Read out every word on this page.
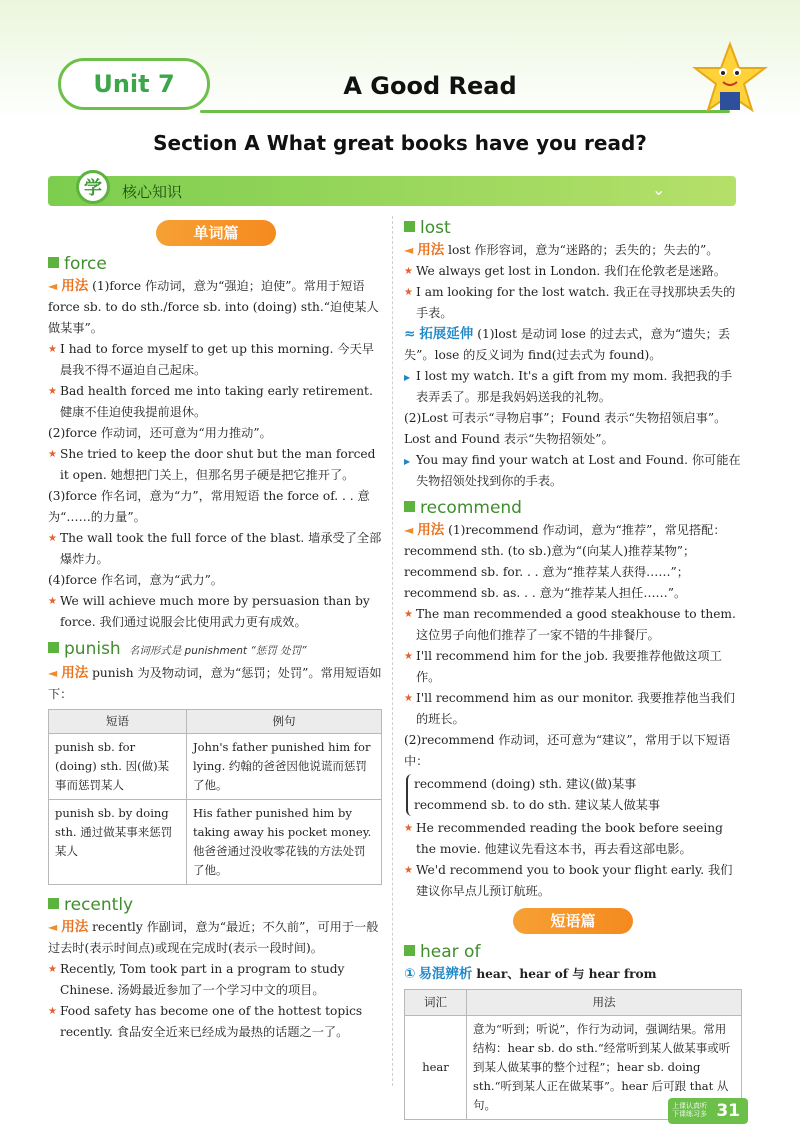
Unit 7	A Good Read
Section A What great books have you read?
学	核心知识	⌄
单词篇
force
◄ 用法 (1)force 作动词，意为“强迫；迫使”。常用于短语 force sb. to do sth./force sb. into (doing) sth.“迫使某人做某事”。
★ I had to force myself to get up this morning. 今天早晨我不得不逼迫自己起床。
★ Bad health forced me into taking early retirement. 健康不佳迫使我提前退休。
(2)force 作动词，还可意为“用力推动”。
★ She tried to keep the door shut but the man forced it open. 她想把门关上，但那名男子硬是把它推开了。
(3)force 作名词，意为“力”，常用短语 the force of. . . 意为“……的力量”。
★ The wall took the full force of the blast. 墙承受了全部爆炸力。
(4)force 作名词，意为“武力”。
★ We will achieve much more by persuasion than by force. 我们通过说服会比使用武力更有成效。
punish 名词形式是 punishment “惩罚 处罚”
◄ 用法 punish 为及物动词，意为“惩罚；处罚”。常用短语如下：
短语	例句
punish sb. for (doing) sth. 因(做)某事而惩罚某人	John's father punished him for lying. 约翰的爸爸因他说谎而惩罚了他。
punish sb. by doing sth. 通过做某事来惩罚某人	His father punished him by taking away his pocket money. 他爸爸通过没收零花钱的方法处罚了他。
recently
◄ 用法 recently 作副词，意为“最近；不久前”，可用于一般过去时(表示时间点)或现在完成时(表示一段时间)。
★ Recently, Tom took part in a program to study Chinese. 汤姆最近参加了一个学习中文的项目。
★ Food safety has become one of the hottest topics recently. 食品安全近来已经成为最热的话题之一了。
lost
◄ 用法 lost 作形容词，意为“迷路的；丢失的；失去的”。
★ We always get lost in London. 我们在伦敦老是迷路。
★ I am looking for the lost watch. 我正在寻找那块丢失的手表。
≈ 拓展延伸 (1)lost 是动词 lose 的过去式，意为“遗失；丢失”。lose 的反义词为 find(过去式为 found)。
▶ I lost my watch. It's a gift from my mom. 我把我的手表弄丢了。那是我妈妈送我的礼物。
(2)Lost 可表示“寻物启事”；Found 表示“失物招领启事”。Lost and Found 表示“失物招领处”。
▶ You may find your watch at Lost and Found. 你可能在失物招领处找到你的手表。
recommend
◄ 用法 (1)recommend 作动词，意为“推荐”，常见搭配：recommend sth. (to sb.)意为“(向某人)推荐某物”；recommend sb. for. . . 意为“推荐某人获得……”；recommend sb. as. . . 意为“推荐某人担任……”。
★ The man recommended a good steakhouse to them. 这位男子向他们推荐了一家不错的牛排餐厅。
★ I'll recommend him for the job. 我要推荐他做这项工作。
★ I'll recommend him as our monitor. 我要推荐他当我们的班长。
(2)recommend 作动词，还可意为“建议”，常用于以下短语中：
recommend (doing) sth. 建议(做)某事
recommend sb. to do sth. 建议某人做某事
★ He recommended reading the book before seeing the movie. 他建议先看这本书，再去看这部电影。
★ We'd recommend you to book your flight early. 我们建议你早点儿预订航班。
短语篇
hear of
① 易混辨析 hear、hear of 与 hear from
词汇	用法
hear	意为“听到；听说”，作行为动词，强调结果。常用结构：hear sb. do sth.“经常听到某人做某事或听到某人做某事的整个过程”；hear sb. doing sth.“听到某人正在做某事”。hear 后可跟 that 从句。	31
上课认真听
下课练习多
